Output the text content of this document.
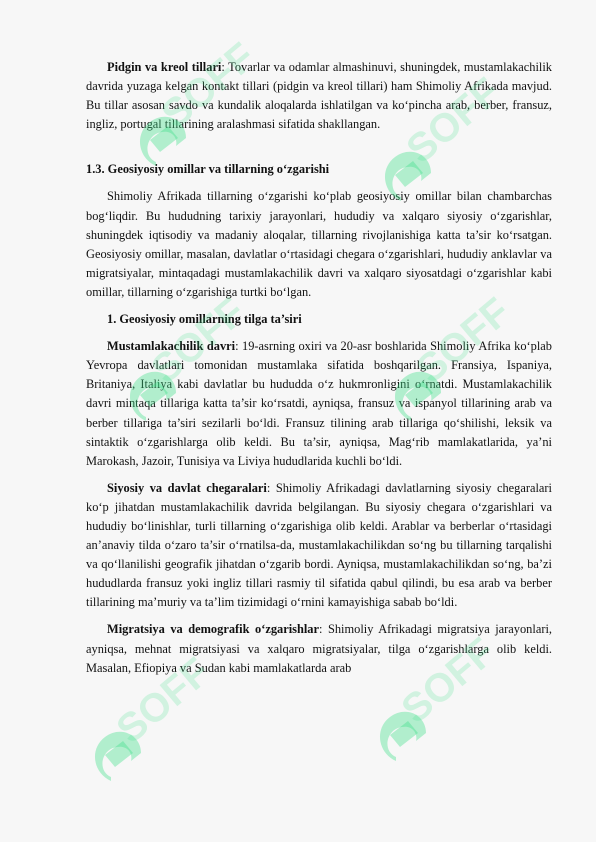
Pidgin va kreol tillari: Tovarlar va odamlar almashinuvi, shuningdek, mustamlakachilik davrida yuzaga kelgan kontakt tillari (pidgin va kreol tillari) ham Shimoliy Afrikada mavjud. Bu tillar asosan savdo va kundalik aloqalarda ishlatilgan va ko‘pincha arab, berber, fransuz, ingliz, portugal tillarining aralashmasi sifatida shakllangan.

1.3. Geosiyosiy omillar va tillarning o‘zgarishi

Shimoliy Afrikada tillarning o‘zgarishi ko‘plab geosiyosiy omillar bilan chambarchas bog‘liqdir. Bu hududning tarixiy jarayonlari, hududiy va xalqaro siyosiy o‘zgarishlar, shuningdek iqtisodiy va madaniy aloqalar, tillarning rivojlanishiga katta ta’sir ko‘rsatgan. Geosiyosiy omillar, masalan, davlatlar o‘rtasidagi chegara o‘zgarishlari, hududiy anklavlar va migratsiyalar, mintaqadagi mustamlakachilik davri va xalqaro siyosatdagi o‘zgarishlar kabi omillar, tillarning o‘zgarishiga turtki bo‘lgan.

1. Geosiyosiy omillarning tilga ta’siri

Mustamlakachilik davri: 19-asrning oxiri va 20-asr boshlarida Shimoliy Afrika ko‘plab Yevropa davlatlari tomonidan mustamlaka sifatida boshqarilgan. Fransiya, Ispaniya, Britaniya, Italiya kabi davlatlar bu hududda o‘z hukmronligini o‘rnatdi. Mustamlakachilik davri mintaqa tillariga katta ta’sir ko‘rsatdi, ayniqsa, fransuz va ispanyol tillarining arab va berber tillariga ta’siri sezilarli bo‘ldi. Fransuz tilining arab tillariga qo‘shilishi, leksik va sintaktik o‘zgarishlarga olib keldi. Bu ta’sir, ayniqsa, Mag‘rib mamlakatlarida, ya’ni Marokash, Jazoir, Tunisiya va Liviya hududlarida kuchli bo‘ldi.

Siyosiy va davlat chegaralari: Shimoliy Afrikadagi davlatlarning siyosiy chegaralari ko‘p jihatdan mustamlakachilik davrida belgilangan. Bu siyosiy chegara o‘zgarishlari va hududiy bo‘linishlar, turli tillarning o‘zgarishiga olib keldi. Arablar va berberlar o‘rtasidagi an’anaviy tilda o‘zaro ta’sir o‘rnatilsa-da, mustamlakachilikdan so‘ng bu tillarning tarqalishi va qo‘llanilishi geografik jihatdan o‘zgarib bordi. Ayniqsa, mustamlakachilikdan so‘ng, ba’zi hududlarda fransuz yoki ingliz tillari rasmiy til sifatida qabul qilindi, bu esa arab va berber tillarining ma’muriy va ta’lim tizimidagi o‘rnini kamayishiga sabab bo‘ldi.

Migratsiya va demografik o‘zgarishlar: Shimoliy Afrikadagi migratsiya jarayonlari, ayniqsa, mehnat migratsiyasi va xalqaro migratsiyalar, tilga o‘zgarishlarga olib keldi. Masalan, Efiopiya va Sudan kabi mamlakatlarda arab
